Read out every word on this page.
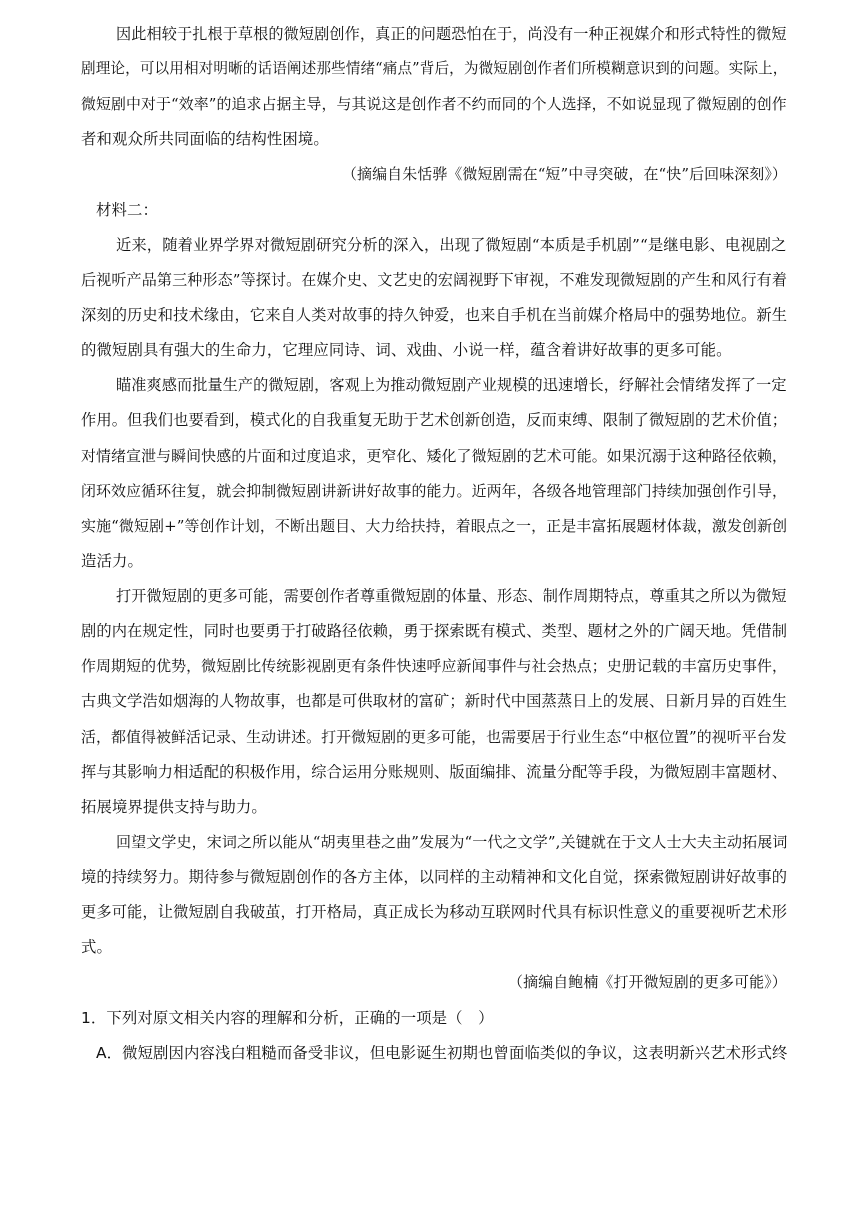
因此相较于扎根于草根的微短剧创作，真正的问题恐怕在于，尚没有一种正视媒介和形式特性的微短
剧理论，可以用相对明晰的话语阐述那些情绪“痛点”背后，为微短剧创作者们所模糊意识到的问题。实际上，
微短剧中对于“效率”的追求占据主导，与其说这是创作者不约而同的个人选择，不如说显现了微短剧的创作
者和观众所共同面临的结构性困境。
（摘编自朱恬骅《微短剧需在“短”中寻突破，在“快”后回味深刻》）
材料二：
近来，随着业界学界对微短剧研究分析的深入，出现了微短剧“本质是手机剧”“是继电影、电视剧之
后视听产品第三种形态”等探讨。在媒介史、文艺史的宏阔视野下审视，不难发现微短剧的产生和风行有着
深刻的历史和技术缘由，它来自人类对故事的持久钟爱，也来自手机在当前媒介格局中的强势地位。新生
的微短剧具有强大的生命力，它理应同诗、词、戏曲、小说一样，蕴含着讲好故事的更多可能。
瞄准爽感而批量生产的微短剧，客观上为推动微短剧产业规模的迅速增长，纾解社会情绪发挥了一定
作用。但我们也要看到，模式化的自我重复无助于艺术创新创造，反而束缚、限制了微短剧的艺术价值；
对情绪宣泄与瞬间快感的片面和过度追求，更窄化、矮化了微短剧的艺术可能。如果沉溺于这种路径依赖，
闭环效应循环往复，就会抑制微短剧讲新讲好故事的能力。近两年，各级各地管理部门持续加强创作引导，
实施“微短剧+”等创作计划，不断出题目、大力给扶持，着眼点之一，正是丰富拓展题材体裁，激发创新创
造活力。
打开微短剧的更多可能，需要创作者尊重微短剧的体量、形态、制作周期特点，尊重其之所以为微短
剧的内在规定性，同时也要勇于打破路径依赖，勇于探索既有模式、类型、题材之外的广阔天地。凭借制
作周期短的优势，微短剧比传统影视剧更有条件快速呼应新闻事件与社会热点；史册记载的丰富历史事件，
古典文学浩如烟海的人物故事，也都是可供取材的富矿；新时代中国蒸蒸日上的发展、日新月异的百姓生
活，都值得被鲜活记录、生动讲述。打开微短剧的更多可能，也需要居于行业生态“中枢位置”的视听平台发
挥与其影响力相适配的积极作用，综合运用分账规则、版面编排、流量分配等手段，为微短剧丰富题材、
拓展境界提供支持与助力。
回望文学史，宋词之所以能从“胡夷里巷之曲”发展为“一代之文学”,关键就在于文人士大夫主动拓展词
境的持续努力。期待参与微短剧创作的各方主体，以同样的主动精神和文化自觉，探索微短剧讲好故事的
更多可能，让微短剧自我破茧，打开格局，真正成长为移动互联网时代具有标识性意义的重要视听艺术形
式。
（摘编自鲍楠《打开微短剧的更多可能》）
1．下列对原文相关内容的理解和分析，正确的一项是（　）
A．微短剧因内容浅白粗糙而备受非议，但电影诞生初期也曾面临类似的争议，这表明新兴艺术形式终
